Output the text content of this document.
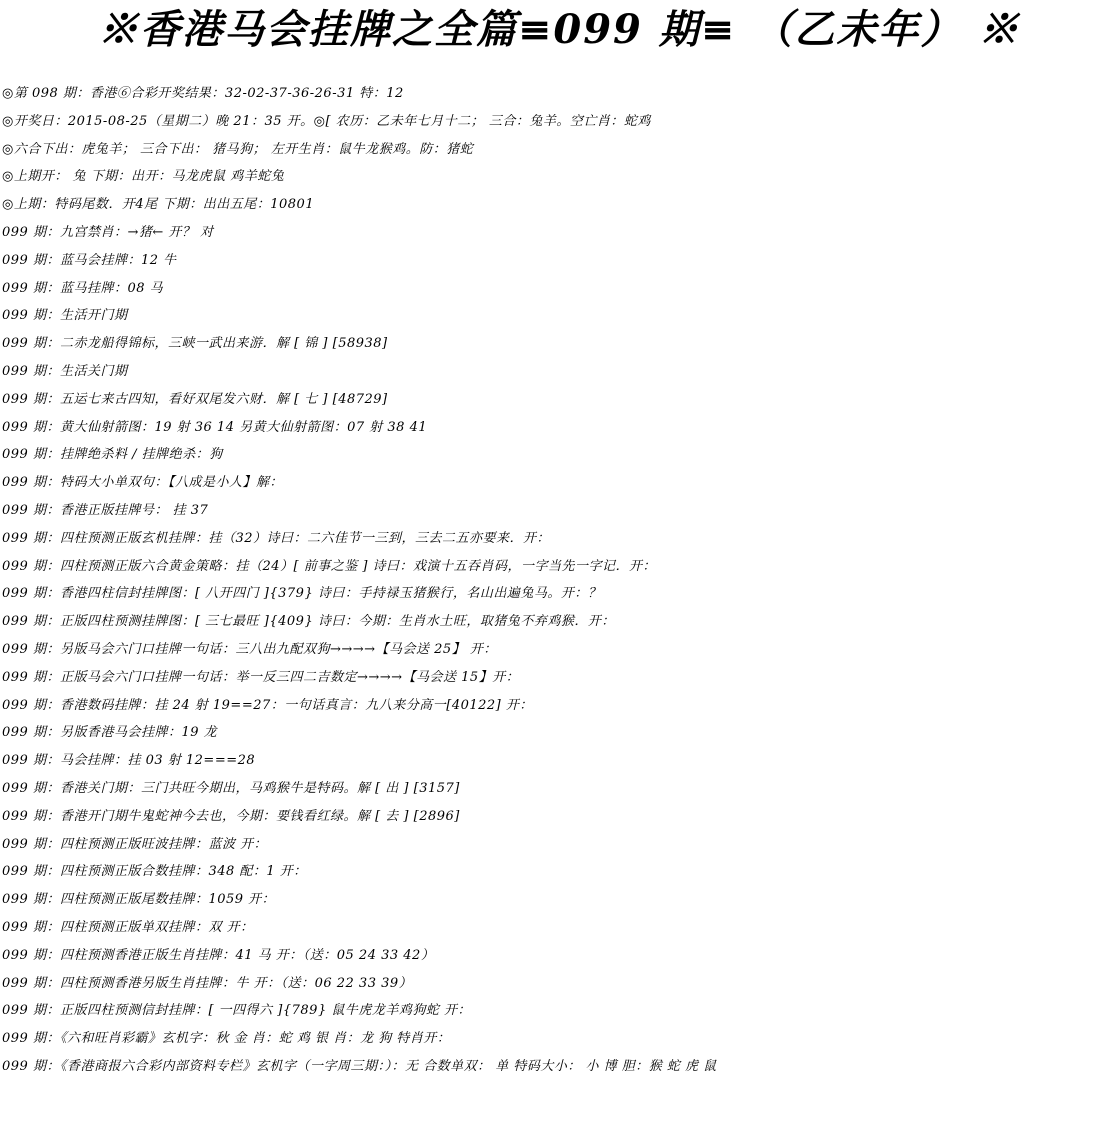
※香港马会挂牌之全篇≡099 期≡ （乙未年） ※
◎第 098 期：香港⑥合彩开奖结果：32-02-37-36-26-31 特：12
◎开奖日：2015-08-25（星期二）晚 21：35 开。◎[ 农历：乙未年七月十二； 三合：兔羊。空亡肖：蛇鸡
◎六合下出：虎兔羊； 三合下出： 猪马狗； 左开生肖：鼠牛龙猴鸡。防：猪蛇
◎上期开： 兔 下期：出开：马龙虎鼠 鸡羊蛇兔
◎上期：特码尾数．开4尾 下期：出出五尾：10801
099 期：九宫禁肖：→猪← 开？ 对
099 期：蓝马会挂牌：12 牛
099 期：蓝马挂牌：08 马
099 期：生活开门期
099 期：二赤龙船得锦标，三峡一武出来游．解 [ 锦 ] [58938]
099 期：生活关门期
099 期：五运七来古四知，看好双尾发六财．解 [ 七 ] [48729]
099 期：黄大仙射箭图：19 射 36 14 另黄大仙射箭图：07 射 38 41
099 期：挂牌绝杀料 / 挂牌绝杀：狗
099 期：特码大小单双句：【八成是小人】解：
099 期：香港正版挂牌号： 挂 37
099 期：四柱预测正版玄机挂牌：挂（32）诗曰：二六佳节一三到，三去二五亦要来．开：
099 期：四柱预测正版六合黄金策略：挂（24）[ 前事之鉴 ] 诗曰：戏演十五吞肖码，一字当先一字记．开：
099 期：香港四柱信封挂牌图：[ 八开四门 ]{379} 诗曰：手持禄玉猪猴行，名山出遍兔马。开：？
099 期：正版四柱预测挂牌图：[ 三七最旺 ]{409} 诗曰：今期：生肖水土旺，取猪兔不弃鸡猴．开：
099 期：另版马会六门口挂牌一句话：三八出九配双狗→→→→【马会送 25】 开：
099 期：正版马会六门口挂牌一句话：举一反三四二吉数定→→→→【马会送 15】开：
099 期：香港数码挂牌：挂 24 射 19==27：一句话真言：九八来分高一[40122] 开：
099 期：另版香港马会挂牌：19 龙
099 期：马会挂牌：挂 03 射 12===28
099 期：香港关门期：三门共旺今期出，马鸡猴牛是特码。解 [ 出 ] [3157]
099 期：香港开门期牛鬼蛇神今去也，今期：要钱看红绿。解 [ 去 ] [2896]
099 期：四柱预测正版旺波挂牌：蓝波 开：
099 期：四柱预测正版合数挂牌：348 配：1 开：
099 期：四柱预测正版尾数挂牌：1059 开：
099 期：四柱预测正版单双挂牌：双 开：
099 期：四柱预测香港正版生肖挂牌：41 马 开：（送：05 24 33 42）
099 期：四柱预测香港另版生肖挂牌：牛 开：（送：06 22 33 39）
099 期：正版四柱预测信封挂牌：[ 一四得六 ]{789} 鼠牛虎龙羊鸡狗蛇 开：
099 期：《六和旺肖彩霸》玄机字：秋 金 肖：蛇 鸡 银 肖：龙 狗 特肖开：
099 期：《香港商报六合彩内部资料专栏》玄机字（一字周三期：）：无 合数单双： 单 特码大小： 小 博 胆：猴 蛇 虎 鼠
